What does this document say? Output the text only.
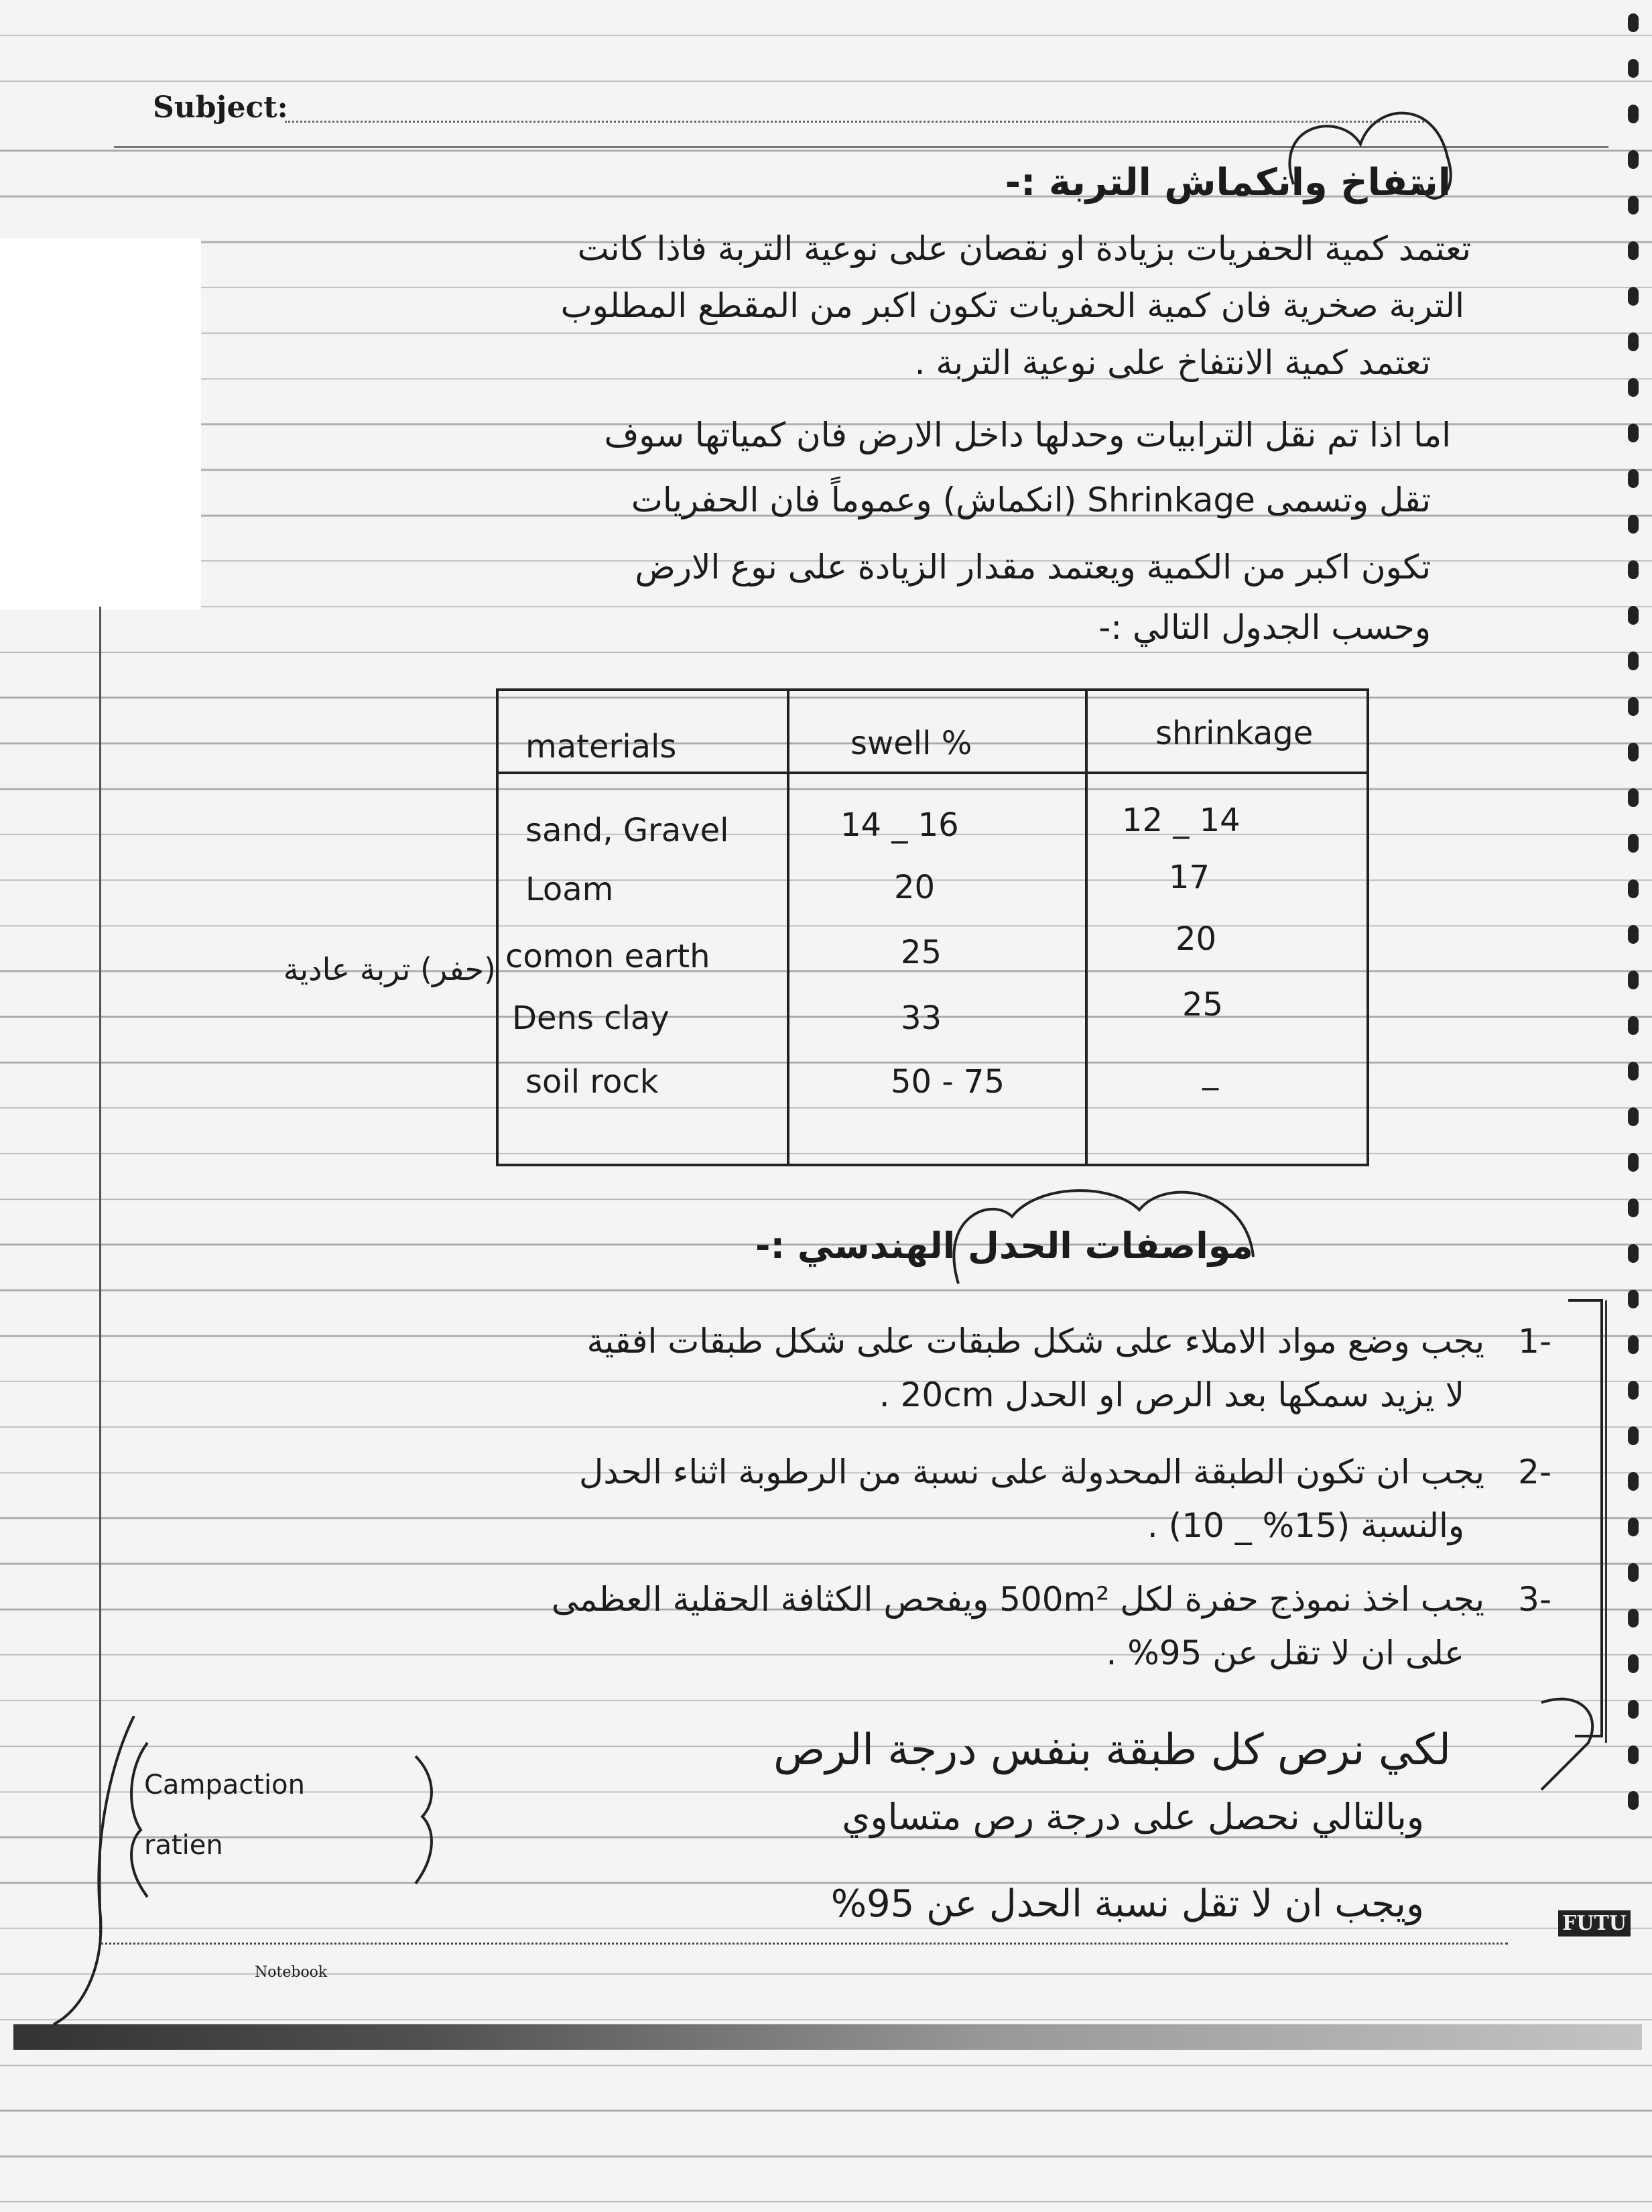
Subject:
انتفاخ وانكماش التربة :-
تعتمد كمية الحفريات بزيادة او نقصان على نوعية التربة فاذا كانت
التربة صخرية فان كمية الحفريات تكون اكبر من المقطع المطلوب
تعتمد كمية الانتفاخ على نوعية التربة .
اما اذا تم نقل الترابيات وحدلها داخل الارض فان كمياتها سوف
تقل وتسمى Shrinkage (انكماش) وعموماً فان الحفريات
تكون اكبر من الكمية ويعتمد مقدار الزيادة على نوع الارض
وحسب الجدول التالي :-
materials	swell %	shrinkage
sand, Gravel	14 _ 16	12 _ 14
Loam	20	17
comon earth	25	20
Dens clay	33	25
soil rock	50 - 75	_
(حفر) تربة عادية
مواصفات الحدل الهندسي :-
-1
يجب وضع مواد الاملاء على شكل طبقات على شكل طبقات افقية
لا يزيد سمكها بعد الرص او الحدل 20cm .
-2
يجب ان تكون الطبقة المحدولة على نسبة من الرطوبة اثناء الحدل
والنسبة (15% _ 10) .
-3
يجب اخذ نموذج حفرة لكل 500m² ويفحص الكثافة الحقلية العظمى
على ان لا تقل عن 95% .
لكي نرص كل طبقة بنفس درجة الرص
وبالتالي نحصل على درجة رص متساوي
ويجب ان لا تقل نسبة الحدل عن 95%
Campaction
ratien
Notebook
FUTU
